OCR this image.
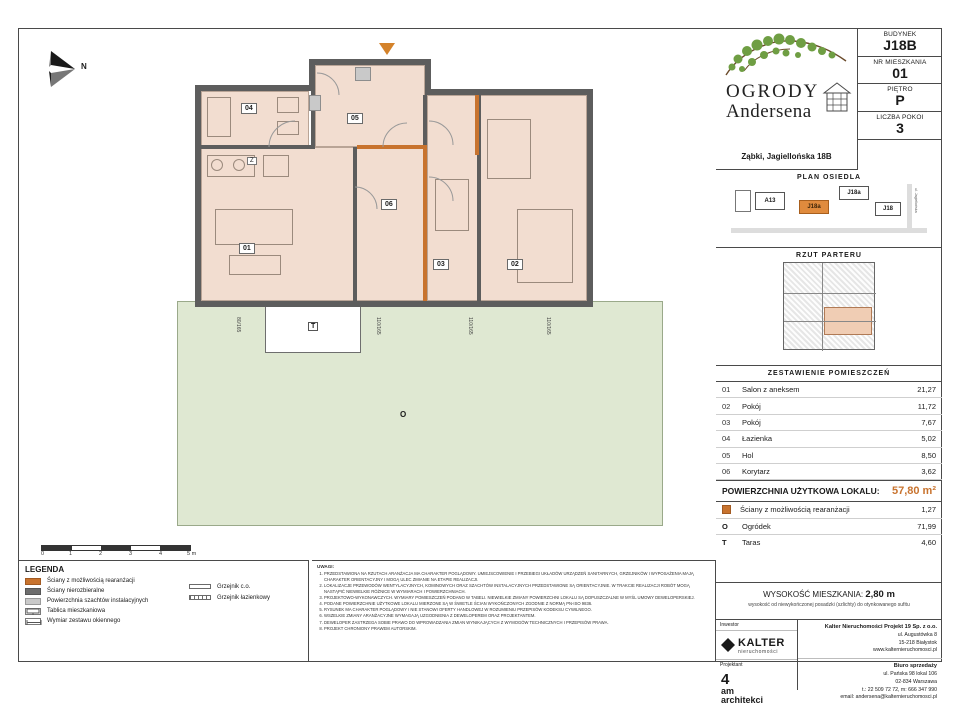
N
O
T
01
02
03
04
05
06
Z
80/165	110/165	110/165	110/165
0	1	2	3	4	5 m
LEGENDA
Ściany z możliwością rearanżacji
Ściany nierozbieralne
Powierzchnia szachtów instalacyjnych
Tablica mieszkaniowa
Wymiar zestawu okiennego
Grzejnik c.o.
Grzejnik łazienkowy
UWAGI:
1. PRZEDSTAWIONA NA RZUTACH ARANŻACJA MA CHARAKTER POGLĄDOWY. UMIEJSCOWIENIE I PRZEBIEGI UKŁADÓW URZĄDZEŃ SANITARNYCH, GRZEJNIKÓW I WYPOSAŻENIA MAJĄ CHARAKTER ORIENTACYJNY I MOGĄ ULEC ZMIANIE NA ETAPIE REALIZACJI.
2. LOKALIZACJE PRZEWODÓW WENTYLACYJNYCH, KOMINOWYCH ORAZ SZACHTÓW INSTALACYJNYCH PRZEDSTAWIONE SĄ ORIENTACYJNIE. W TRAKCIE REALIZACJI ROBÓT MOGĄ NASTĄPIĆ NIEWIELKIE RÓŻNICE W WYMIARACH I POWIERZCHNIACH.
3. PROJEKTOWO-WYKONAWCZYCH. WYMIARY POMIESZCZEŃ PODANO W TABELI. NIEWIELKIE ZMIANY POWIERZCHNI LOKALU SĄ DOPUSZCZALNE W MYŚL UMOWY DEWELOPERSKIEJ.
4. PODANE POWIERZCHNIE UŻYTKOWE LOKALU MIERZONE SĄ W ŚWIETLE ŚCIAN WYKOŃCZONYCH ZGODNIE Z NORMĄ PN-ISO 9836.
5. RYSUNEK MA CHARAKTER POGLĄDOWY I NIE STANOWI OFERTY HANDLOWEJ W ROZUMIENIU PRZEPISÓW KODEKSU CYWILNEGO.
6. WSZELKIE ZMIANY ARANŻACYJNE WYMAGAJĄ UZGODNIENIA Z DEWELOPEREM ORAZ PROJEKTANTEM.
7. DEWELOPER ZASTRZEGA SOBIE PRAWO DO WPROWADZANIA ZMIAN WYNIKAJĄCYCH Z WYMOGÓW TECHNICZNYCH I PRZEPISÓW PRAWA.
8. PROJEKT CHRONIONY PRAWEM AUTORSKIM.
OGRODY
Andersena
Ząbki, Jagiellońska 18B
BUDYNEK
J18B
NR MIESZKANIA
01
PIĘTRO
P
LICZBA POKOI
3
PLAN OSIEDLA
A13
J18a
J18a
J18	ul. Jagiellońska
RZUT PARTERU
ZESTAWIENIE POMIESZCZEŃ
01	Salon z aneksem	21,27
02	Pokój	11,72
03	Pokój	7,67
04	Łazienka	5,02
05	Hol	8,50
06	Korytarz	3,62
POWIERZCHNIA UŻYTKOWA LOKALU:	57,80 m²
Ściany z możliwością rearanżacji	1,27
O	Ogródek	71,99
T	Taras	4,60
WYSOKOŚĆ MIESZKANIA: 2,80 m
wysokość od niewykończonej posadzki (szlichty) do otynkowanego sufitu
Inwestor
KALTER
nieruchomości
Projektant
4
am
architekci
Kalter Nieruchomości Projekt 19 Sp. z o.o.
ul. Augustówka 8
15-218 Białystok
www.kalternieruchomosci.pl
Biuro sprzedaży
ul. Pańska 98 lokal 106
02-834 Warszawa
t.: 22 509 72 72, m: 666 347 990
email: andersena@kalternieruchomosci.pl
